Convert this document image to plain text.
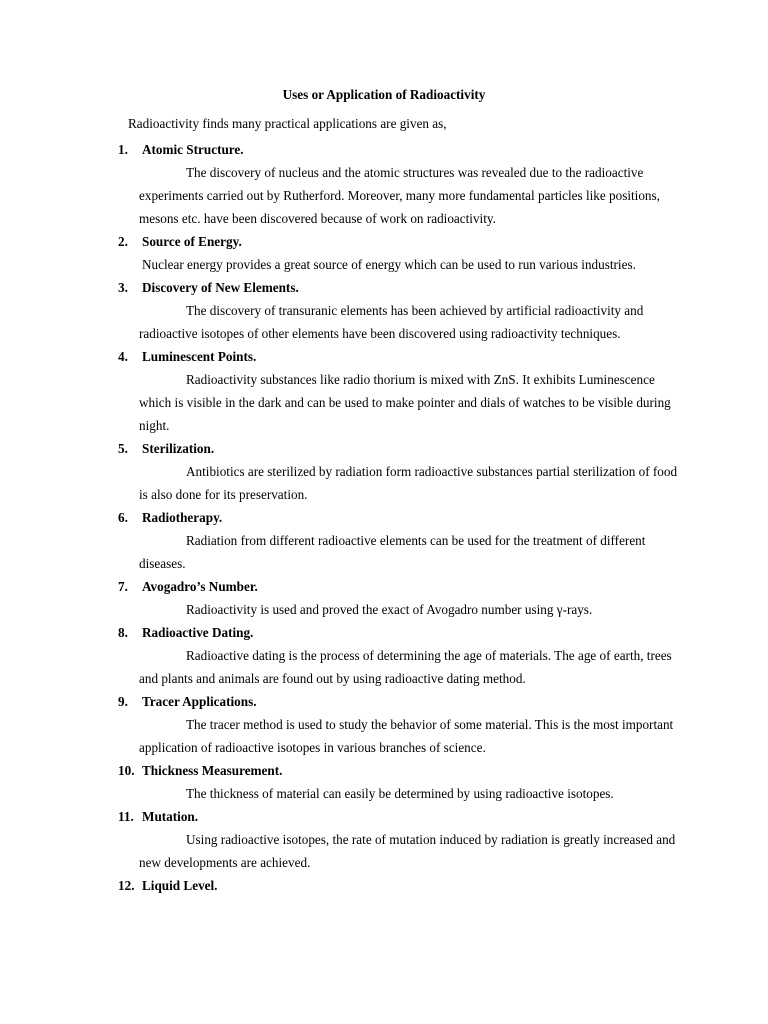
Uses or Application of Radioactivity
Radioactivity finds many practical applications are given as,
1.	Atomic Structure.
The discovery of nucleus and the atomic structures was revealed due to the radioactive experiments carried out by Rutherford. Moreover, many more fundamental particles like positions, mesons etc. have been discovered because of work on radioactivity.
2.	Source of Energy.
Nuclear energy provides a great source of energy which can be used to run various industries.
3.	Discovery of New Elements.
The discovery of transuranic elements has been achieved by artificial radioactivity and radioactive isotopes of other elements have been discovered using radioactivity techniques.
4.	Luminescent Points.
Radioactivity substances like radio thorium is mixed with ZnS. It exhibits Luminescence which is visible in the dark and can be used to make pointer and dials of watches to be visible during night.
5.	Sterilization.
Antibiotics are sterilized by radiation form radioactive substances partial sterilization of food is also done for its preservation.
6.	Radiotherapy.
Radiation from different radioactive elements can be used for the treatment of different diseases.
7.	Avogadro’s Number.
Radioactivity is used and proved the exact of Avogadro number using γ-rays.
8.	Radioactive Dating.
Radioactive dating is the process of determining the age of materials. The age of earth, trees and plants and animals are found out by using radioactive dating method.
9.	Tracer Applications.
The tracer method is used to study the behavior of some material. This is the most important application of radioactive isotopes in various branches of science.
10. Thickness Measurement.
The thickness of material can easily be determined by using radioactive isotopes.
11. Mutation.
Using radioactive isotopes, the rate of mutation induced by radiation is greatly increased and new developments are achieved.
12. Liquid Level.
